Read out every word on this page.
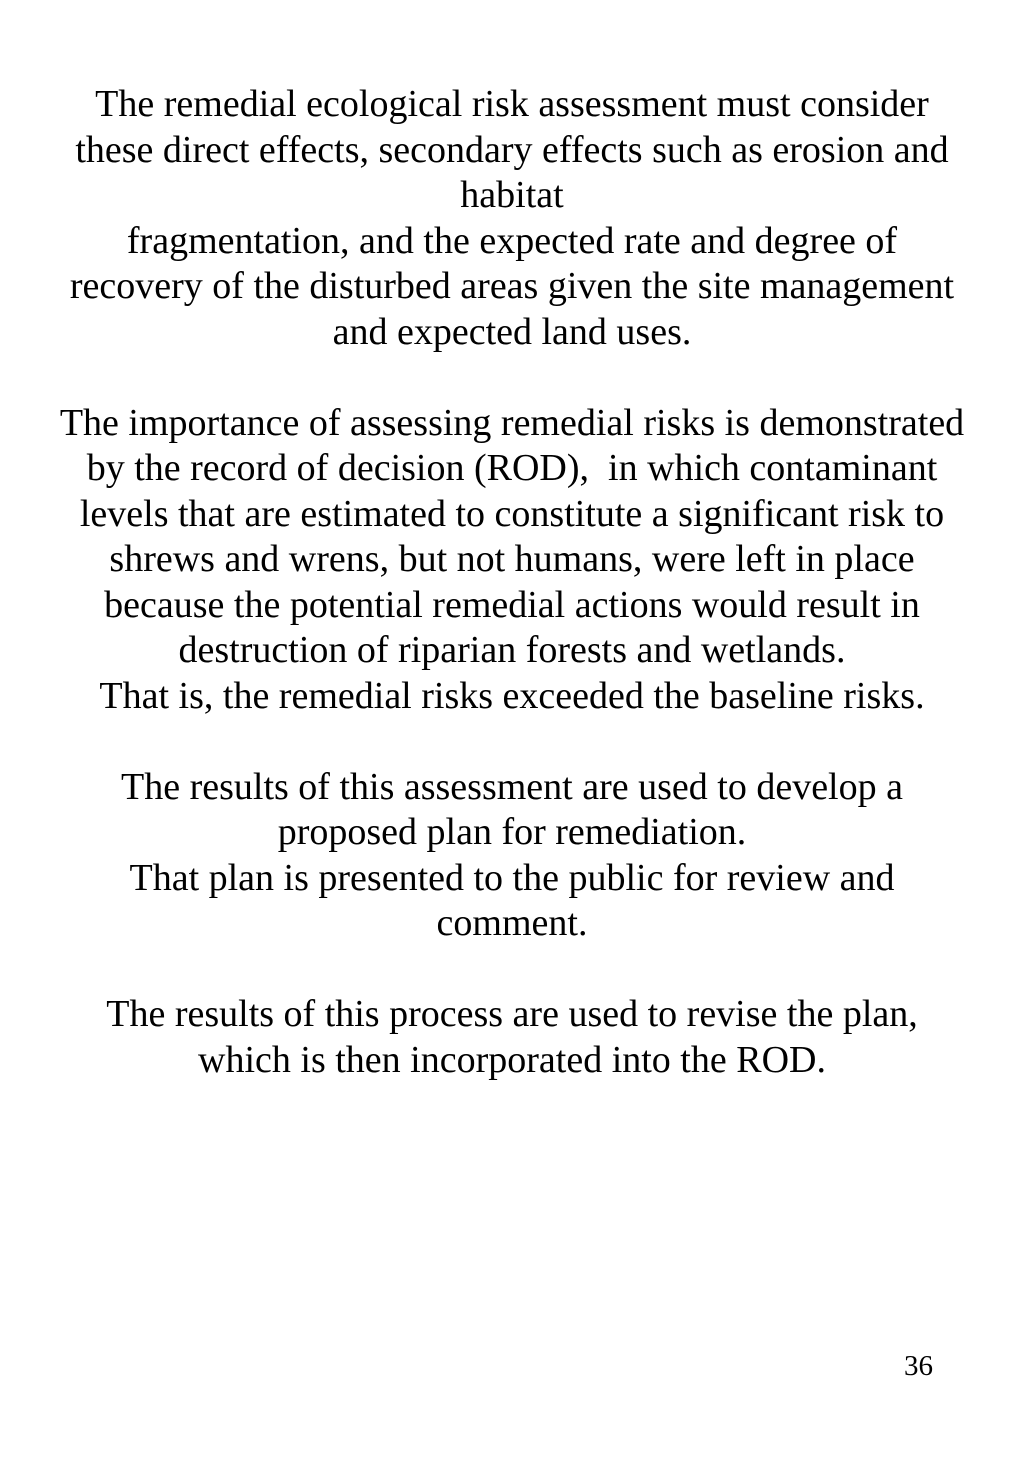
The remedial ecological risk assessment must consider
these direct effects, secondary effects such as erosion and
habitat
fragmentation, and the expected rate and degree of
recovery of the disturbed areas given the site management
and expected land uses.
The importance of assessing remedial risks is demonstrated
by the record of decision (ROD),  in which contaminant
levels that are estimated to constitute a significant risk to
shrews and wrens, but not humans, were left in place
because the potential remedial actions would result in
destruction of riparian forests and wetlands.
That is, the remedial risks exceeded the baseline risks.
The results of this assessment are used to develop a
proposed plan for remediation.
That plan is presented to the public for review and
comment.
The results of this process are used to revise the plan,
which is then incorporated into the ROD.
36
